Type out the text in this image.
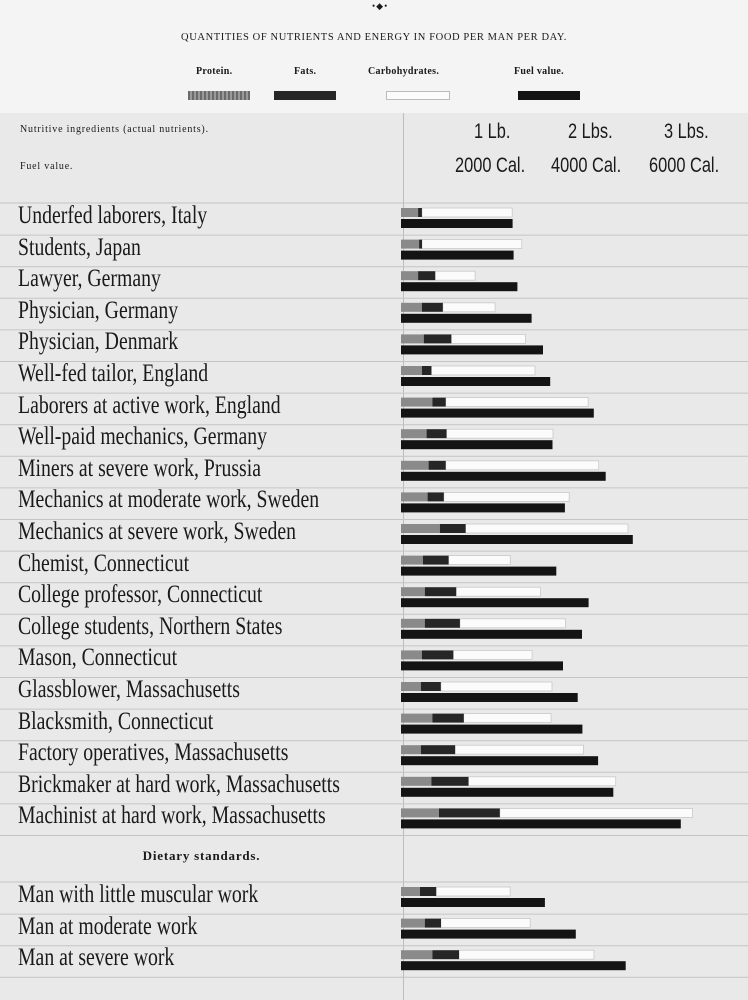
•◆•
QUANTITIES OF NUTRIENTS AND ENERGY IN FOOD PER MAN PER DAY.
Protein.	Fats.	Carbohydrates.	Fuel value.
Nutritive ingredients (actual nutrients).
Fuel value.
1 Lb.	2 Lbs. 3 Lbs.
2000 Cal. 4000 Cal. 6000 Cal.
Underfed laborers, Italy
Students, Japan
Lawyer, Germany
Physician, Germany
Physician, Denmark
Well-fed tailor, England
Laborers at active work, England
Well-paid mechanics, Germany
Miners at severe work, Prussia
Mechanics at moderate work, Sweden
Mechanics at severe work, Sweden
Chemist, Connecticut
College professor, Connecticut
College students, Northern States
Mason, Connecticut
Glassblower, Massachusetts
Blacksmith, Connecticut
Factory operatives, Massachusetts
Brickmaker at hard work, Massachusetts
Machinist at hard work, Massachusetts
Man with little muscular work
Man at moderate work
Man at severe work
Dietary standards.
